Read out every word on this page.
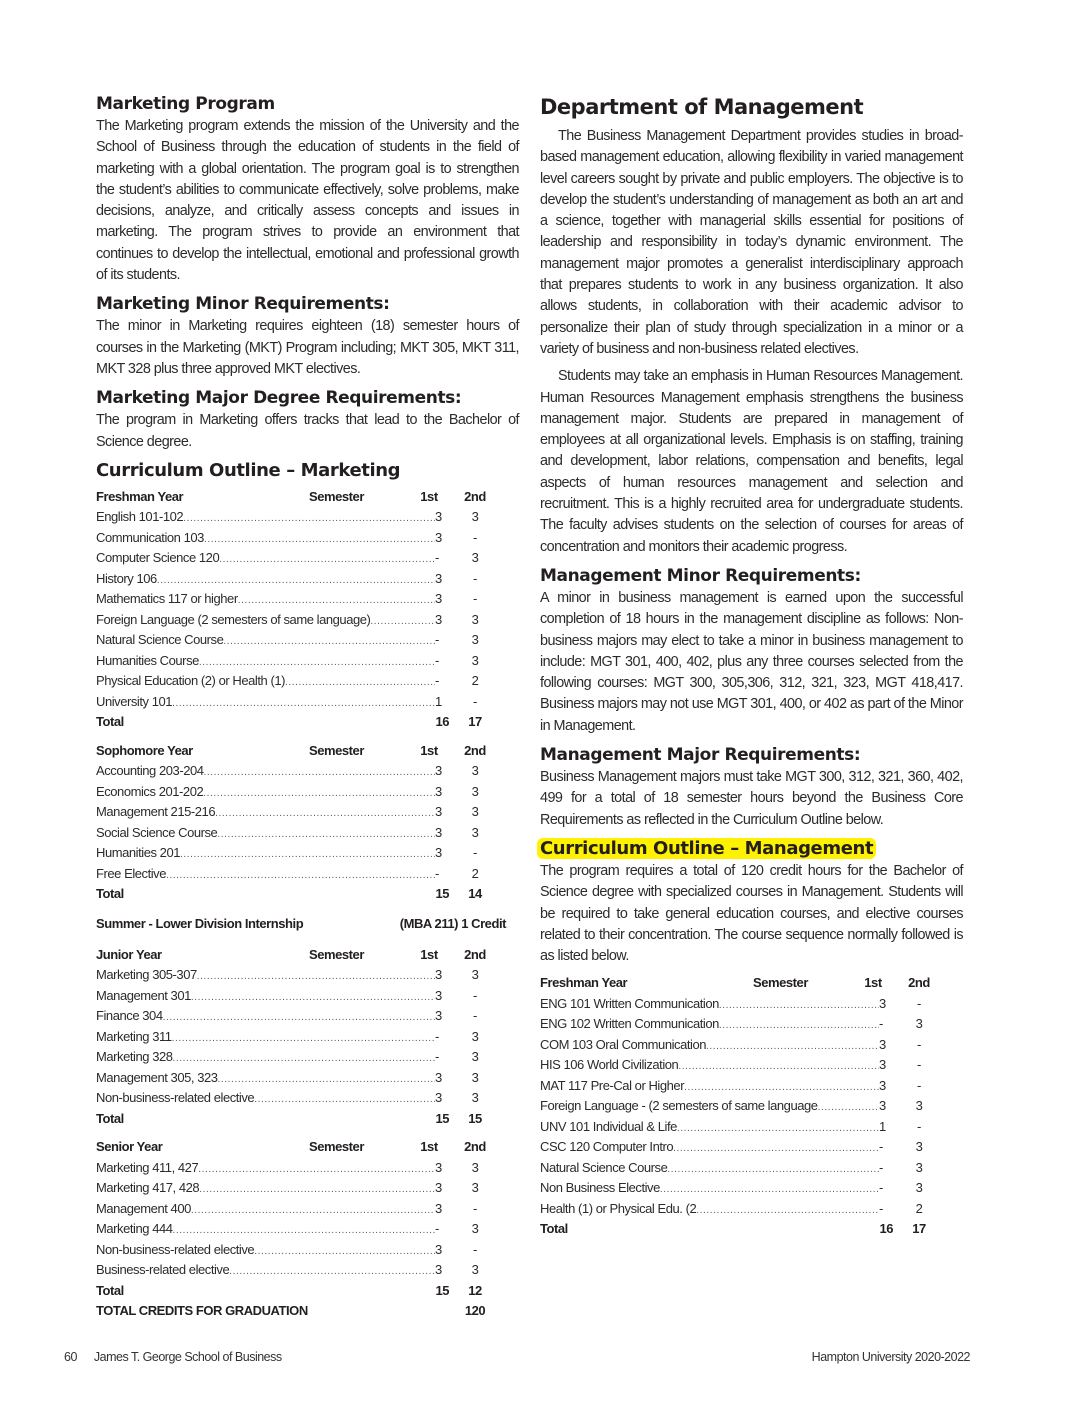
Marketing Program

The Marketing program extends the mission of the University and the School of Business through the education of students in the field of marketing with a global orientation. The program goal is to strengthen the student’s abilities to communicate effectively, solve problems, make decisions, analyze, and critically assess concepts and issues in marketing. The program strives to provide an environment that continues to develop the intellectual, emotional and professional growth of its students.

Marketing Minor Requirements:

The minor in Marketing requires eighteen (18) semester hours of courses in the Marketing (MKT) Program including; MKT 305, MKT 311, MKT 328 plus three approved MKT electives.

Marketing Major Degree Requirements:

The program in Marketing offers tracks that lead to the Bachelor of Science degree.

Curriculum Outline – Marketing
Freshman Year	Semester	1st	2nd
English 101-102 .....	3	3
Communication 103 .....	3	-
Computer Science 120 .....	-	3
History 106 .....	3	-
Mathematics 117 or higher .....	3	-
Foreign Language (2 semesters of same language) .....	3	3
Natural Science Course .....	-	3
Humanities Course .....	-	3
Physical Education (2) or Health (1) .....	-	2
University 101 .....	1	-
Total	16	17
Sophomore Year	Semester	1st	2nd
Accounting 203-204 .....	3	3
Economics 201-202 .....	3	3
Management 215-216 .....	3	3
Social Science Course .....	3	3
Humanities 201 .....	3	-
Free Elective .....	-	2
Total	15	14
Summer - Lower Division Internship	(MBA 211) 1 Credit
Junior Year	Semester	1st	2nd
Marketing 305-307 .....	3	3
Management 301 .....	3	-
Finance 304 .....	3	-
Marketing 311 .....	-	3
Marketing 328 .....	-	3
Management 305, 323 .....	3	3
Non-business-related elective .....	3	3
Total	15	15
Senior Year	Semester	1st	2nd
Marketing 411, 427 .....	3	3
Marketing 417, 428 .....	3	3
Management 400 .....	3	-
Marketing 444 .....	-	3
Non-business-related elective .....	3	-
Business-related elective .....	3	3
Total	15	12
TOTAL CREDITS FOR GRADUATION	120
Department of Management

The Business Management Department provides studies in broad-based management education, allowing flexibility in varied management level careers sought by private and public employers. The objective is to develop the student’s understanding of management as both an art and a science, together with managerial skills essential for positions of leadership and responsibility in today’s dynamic environment. The management major promotes a generalist interdisciplinary approach that prepares students to work in any business organization. It also allows students, in collaboration with their academic advisor to personalize their plan of study through specialization in a minor or a variety of business and non-business related electives.

Students may take an emphasis in Human Resources Management. Human Resources Management emphasis strengthens the business management major. Students are prepared in management of employees at all organizational levels. Emphasis is on staffing, training and development, labor relations, compensation and benefits, legal aspects of human resources management and selection and recruitment. This is a highly recruited area for undergraduate students. The faculty advises students on the selection of courses for areas of concentration and monitors their academic progress.

Management Minor Requirements:

A minor in business management is earned upon the successful completion of 18 hours in the management discipline as follows: Non-business majors may elect to take a minor in business management to include: MGT 301, 400, 402, plus any three courses selected from the following courses: MGT 300, 305,306, 312, 321, 323, MGT 418,417. Business majors may not use MGT 301, 400, or 402 as part of the Minor in Management.

Management Major Requirements:

Business Management majors must take MGT 300, 312, 321, 360, 402, 499 for a total of 18 semester hours beyond the Business Core Requirements as reflected in the Curriculum Outline below.

Curriculum Outline – Management

The program requires a total of 120 credit hours for the Bachelor of Science degree with specialized courses in Management. Students will be required to take general education courses, and elective courses related to their concentration. The course sequence normally followed is as listed below.

Freshman Year	Semester	1st	2nd
ENG 101 Written Communication .....	3	-
ENG 102 Written Communication .....	-	3
COM 103 Oral Communication .....	3	-
HIS 106 World Civilization .....	3	-
MAT 117 Pre-Cal or Higher .....	3	-
Foreign Language - (2 semesters of same language .....	3	3
UNV 101 Individual & Life .....	1	-
CSC 120 Computer Intro .....	-	3
Natural Science Course .....	-	3
Non Business Elective .....	-	3
Health (1) or Physical Edu. (2 .....	-	2
Total	16	17
60 James T. George School of Business	Hampton University 2020-2022
